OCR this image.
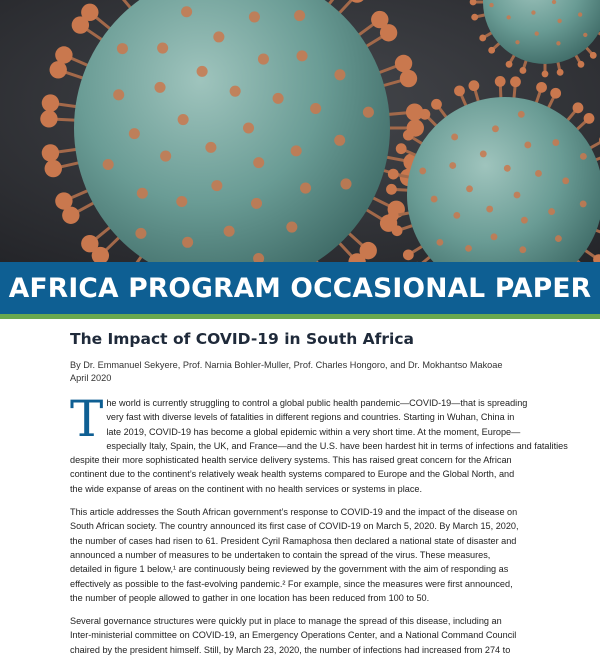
AFRICA PROGRAM OCCASIONAL PAPER
The Impact of COVID-19 in South Africa
By Dr. Emmanuel Sekyere, Prof. Narnia Bohler-Muller, Prof. Charles Hongoro, and Dr. Mokhantso Makoae
April 2020

T he world is currently struggling to control a global public health pandemic—COVID-19—that is spreading
very fast with diverse levels of fatalities in different regions and countries. Starting in Wuhan, China in
late 2019, COVID-19 has become a global epidemic within a very short time. At the moment, Europe—
especially Italy, Spain, the UK, and France—and the U.S. have been hardest hit in terms of infections and fatalities
despite their more sophisticated health service delivery systems. This has raised great concern for the African
continent due to the continent’s relatively weak health systems compared to Europe and the Global North, and
the wide expanse of areas on the continent with no health services or systems in place.

This article addresses the South African government’s response to COVID-19 and the impact of the disease on
South African society. The country announced its first case of COVID-19 on March 5, 2020. By March 15, 2020,
the number of cases had risen to 61. President Cyril Ramaphosa then declared a national state of disaster and
announced a number of measures to be undertaken to contain the spread of the virus. These measures,
detailed in figure 1 below,¹ are continuously being reviewed by the government with the aim of responding as
effectively as possible to the fast-evolving pandemic.² For example, since the measures were first announced,
the number of people allowed to gather in one location has been reduced from 100 to 50.

Several governance structures were quickly put in place to manage the spread of this disease, including an
Inter-ministerial committee on COVID-19, an Emergency Operations Center, and a National Command Council
chaired by the president himself. Still, by March 23, 2020, the number of infections had increased from 274 to
